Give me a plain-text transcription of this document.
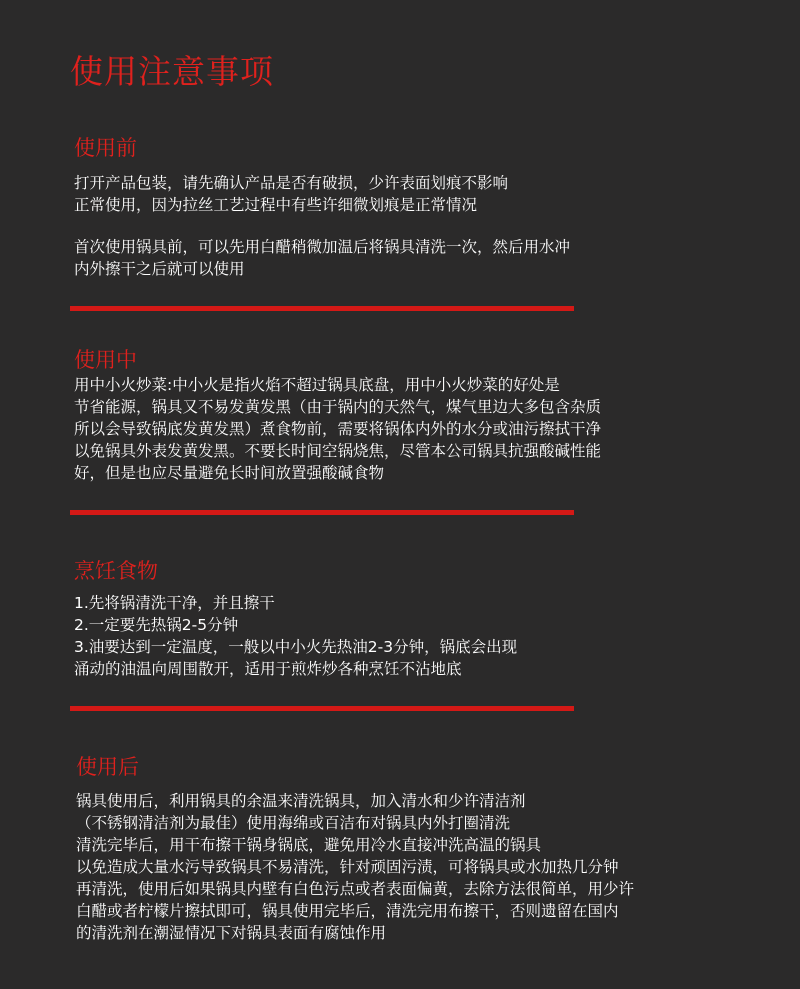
使用注意事项
使用前
打开产品包装，请先确认产品是否有破损，少许表面划痕不影响
正常使用，因为拉丝工艺过程中有些许细微划痕是正常情况
首次使用锅具前，可以先用白醋稍微加温后将锅具清洗一次，然后用水冲
内外擦干之后就可以使用
使用中
用中小火炒菜:中小火是指火焰不超过锅具底盘，用中小火炒菜的好处是
节省能源，锅具又不易发黄发黑（由于锅内的天然气，煤气里边大多包含杂质
所以会导致锅底发黄发黑）煮食物前，需要将锅体内外的水分或油污擦拭干净
以免锅具外表发黄发黑。不要长时间空锅烧焦，尽管本公司锅具抗强酸碱性能
好，但是也应尽量避免长时间放置强酸碱食物
烹饪食物
1.先将锅清洗干净，并且擦干
2.一定要先热锅2-5分钟
3.油要达到一定温度，一般以中小火先热油2-3分钟，锅底会出现
涌动的油温向周围散开，适用于煎炸炒各种烹饪不沾地底
使用后
锅具使用后，利用锅具的余温来清洗锅具，加入清水和少许清洁剂
（不锈钢清洁剂为最佳）使用海绵或百洁布对锅具内外打圈清洗
清洗完毕后，用干布擦干锅身锅底，避免用冷水直接冲洗高温的锅具
以免造成大量水污导致锅具不易清洗，针对顽固污渍，可将锅具或水加热几分钟
再清洗，使用后如果锅具内壁有白色污点或者表面偏黄，去除方法很简单，用少许
白醋或者柠檬片擦拭即可，锅具使用完毕后，清洗完用布擦干，否则遗留在国内
的清洗剂在潮湿情况下对锅具表面有腐蚀作用
